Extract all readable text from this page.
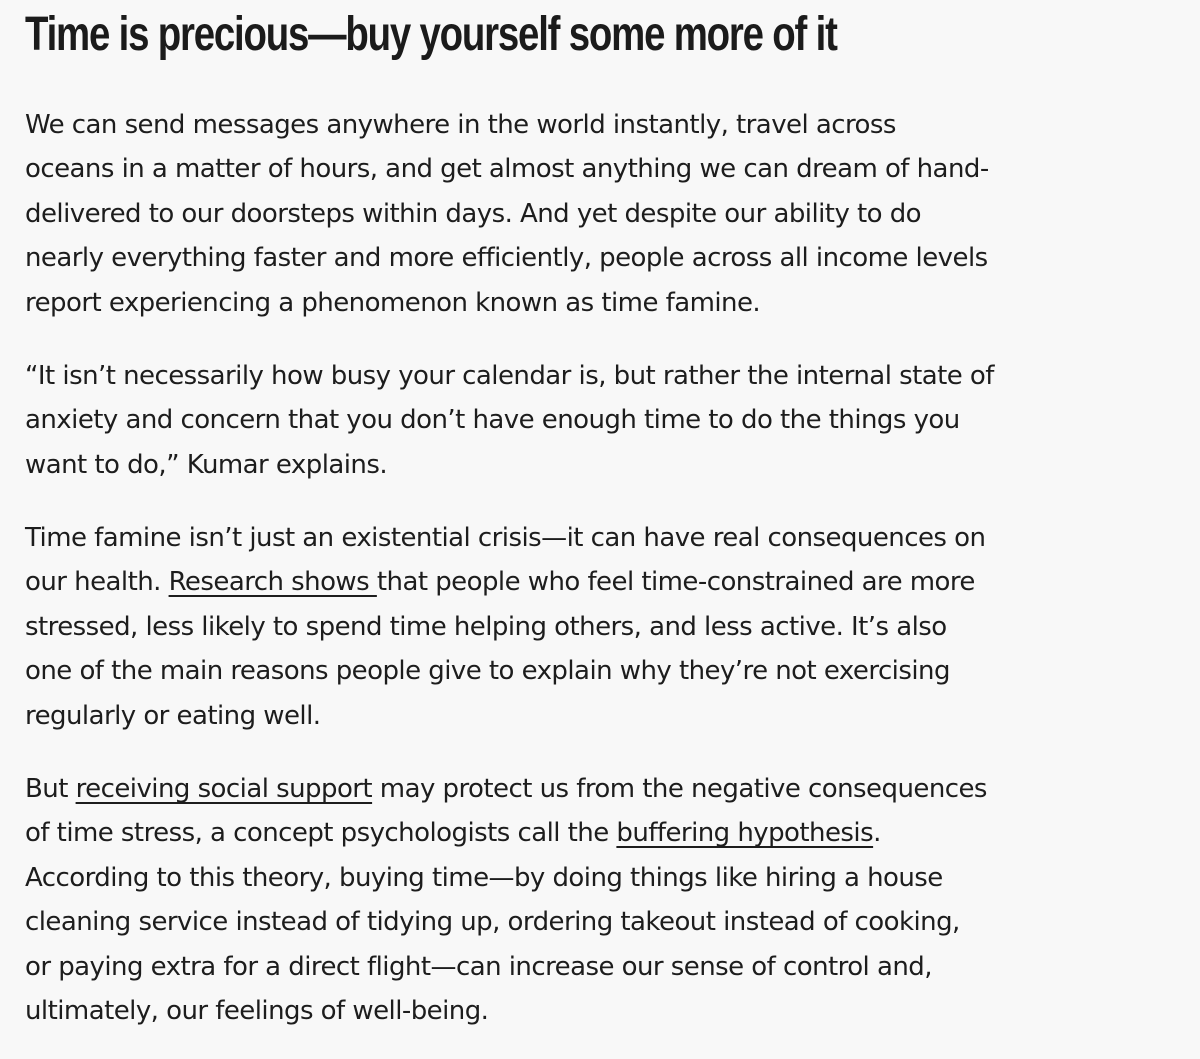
Time is precious—buy yourself some more of it

We can send messages anywhere in the world instantly, travel across
oceans in a matter of hours, and get almost anything we can dream of hand-
delivered to our doorsteps within days. And yet despite our ability to do
nearly everything faster and more efficiently, people across all income levels
report experiencing a phenomenon known as time famine.

“It isn’t necessarily how busy your calendar is, but rather the internal state of
anxiety and concern that you don’t have enough time to do the things you
want to do,” Kumar explains.

Time famine isn’t just an existential crisis—it can have real consequences on
our health. Research shows that people who feel time-constrained are more
stressed, less likely to spend time helping others, and less active. It’s also
one of the main reasons people give to explain why they’re not exercising
regularly or eating well.

But receiving social support may protect us from the negative consequences
of time stress, a concept psychologists call the buffering hypothesis.
According to this theory, buying time—by doing things like hiring a house
cleaning service instead of tidying up, ordering takeout instead of cooking,
or paying extra for a direct flight—can increase our sense of control and,
ultimately, our feelings of well-being.
